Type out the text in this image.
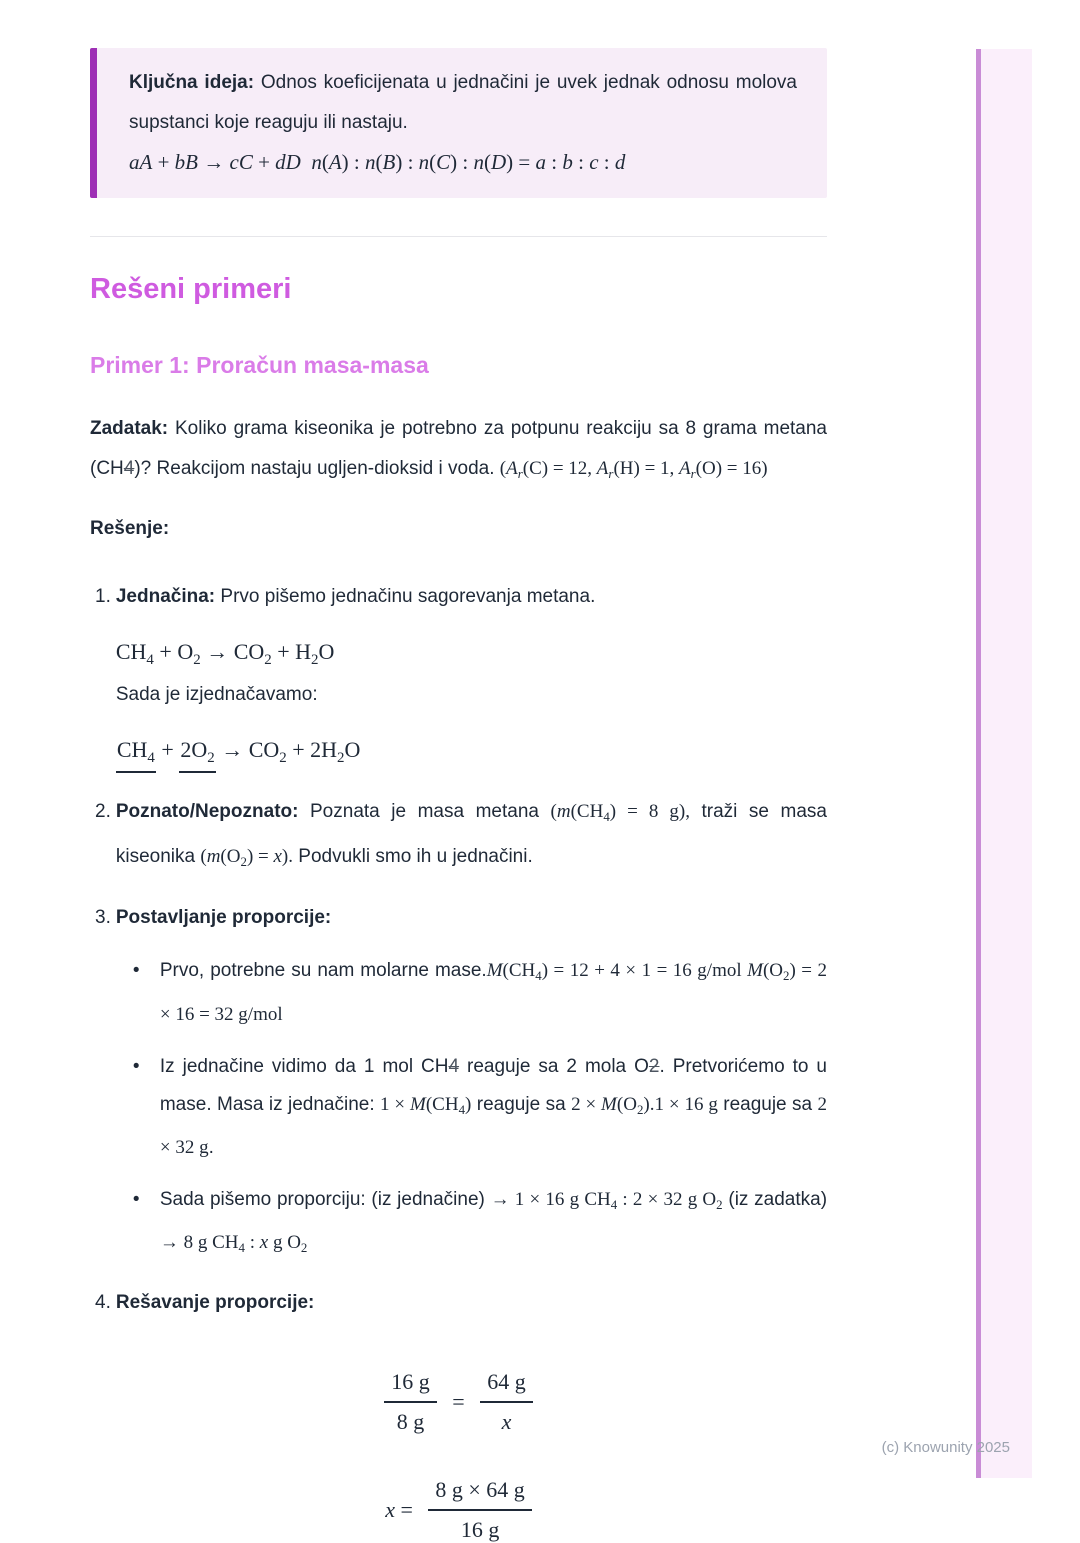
Ključna ideja: Odnos koeficijenata u jednačini je uvek jednak odnosu molova supstanci koje reaguju ili nastaju.

aA + bB → cC + dD  n(A) : n(B) : n(C) : n(D) = a : b : c : d

Rešeni primeri
Primer 1: Proračun masa-masa

Zadatak: Koliko grama kiseonika je potrebno za potpunu reakciju sa 8 grama metana (CH4)? Reakcijom nastaju ugljen-dioksid i voda. ($A_r(C) = 12$, $A_r(H) = 1$, $A_r(O) = 16$)

Rešenje:

1. Jednačina: Prvo pišemo jednačinu sagorevanja metana.

$CH_4 + O_2 \to CO_2 + H_2O$

Sada je izjednačavamo:

$CH_4 + 2O_2 \to CO_2 + 2H_2O$
2. Poznato/Nepoznato: Poznata je masa metana ($m(CH_4) = 8$ g), traži se masa kiseonika $(m(O_2) = x)$. Podvukli smo ih u jednačini.

3. Postavljanje proporcije:

•	Prvo, potrebne su nam molarne $mase.M(CH_4) = 12 + 4 \times 1 = 16$ g/mol $M(O_2) = 2 \times 16 = 32$ g/mol
•	Iz jednačine vidimo da 1 mol CH4 reaguje sa 2 mola O2. Pretvorićemo to u mase. Masa iz jednačine: $1 \times M(CH_4)$ reaguje sa $2 \times M(O_2).1 \times 16$ g reaguje sa 2 × 32 g.
•	Sada pišemo proporciju: (iz jednačine) → 1 × 16 g $CH_4$ : 2 × 32 g $O_2$ (iz zadatka) → 8 g $CH_4$ : x g $O_2$
4. Rešavanje proporcije:

$\frac{16 g}{8 g} = \frac{64 g}{x}$
$x = \frac{8 g \times 64 g}{16 g}$
(c) Knowunity 2025
